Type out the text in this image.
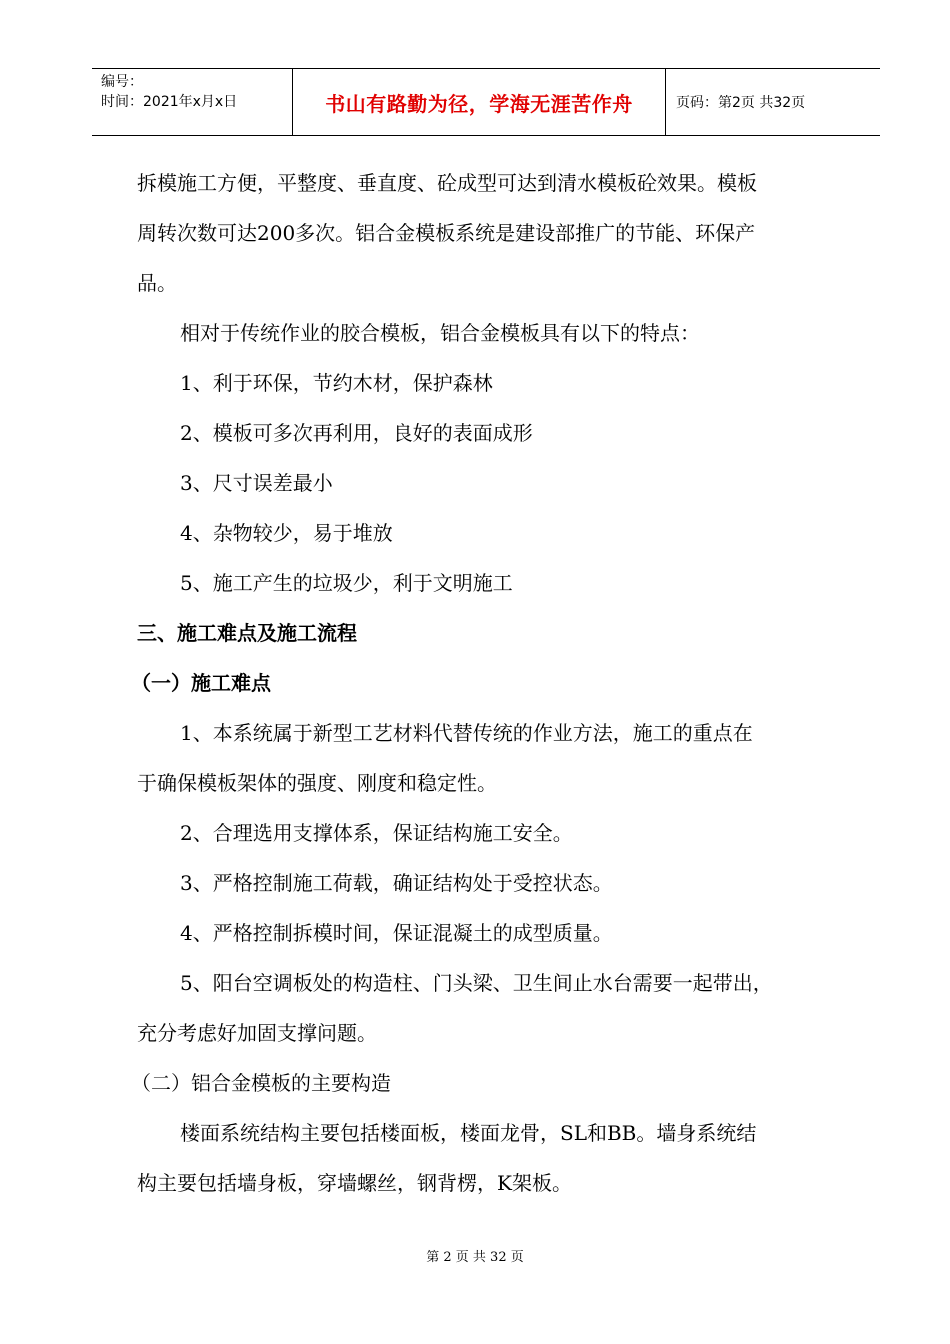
编号：
时间：2021年x月x日	书山有路勤为径，学海无涯苦作舟	页码：第2页 共32页

拆模施工方便，平整度、垂直度、砼成型可达到清水模板砼效果。模板

周转次数可达200多次。铝合金模板系统是建设部推广的节能、环保产

品。

相对于传统作业的胶合模板，铝合金模板具有以下的特点：

1、利于环保，节约木材，保护森林

2、模板可多次再利用，良好的表面成形

3、尺寸误差最小

4、杂物较少，易于堆放

5、施工产生的垃圾少，利于文明施工

三、施工难点及施工流程

（一）施工难点

1、本系统属于新型工艺材料代替传统的作业方法，施工的重点在

于确保模板架体的强度、刚度和稳定性。

2、合理选用支撑体系，保证结构施工安全。

3、严格控制施工荷载，确证结构处于受控状态。

4、严格控制拆模时间，保证混凝土的成型质量。

5、阳台空调板处的构造柱、门头梁、卫生间止水台需要一起带出，

充分考虑好加固支撑问题。

（二）铝合金模板的主要构造

楼面系统结构主要包括楼面板，楼面龙骨，SL和BB。墙身系统结

构主要包括墙身板，穿墙螺丝，钢背楞，K架板。

第 2 页 共 32 页
